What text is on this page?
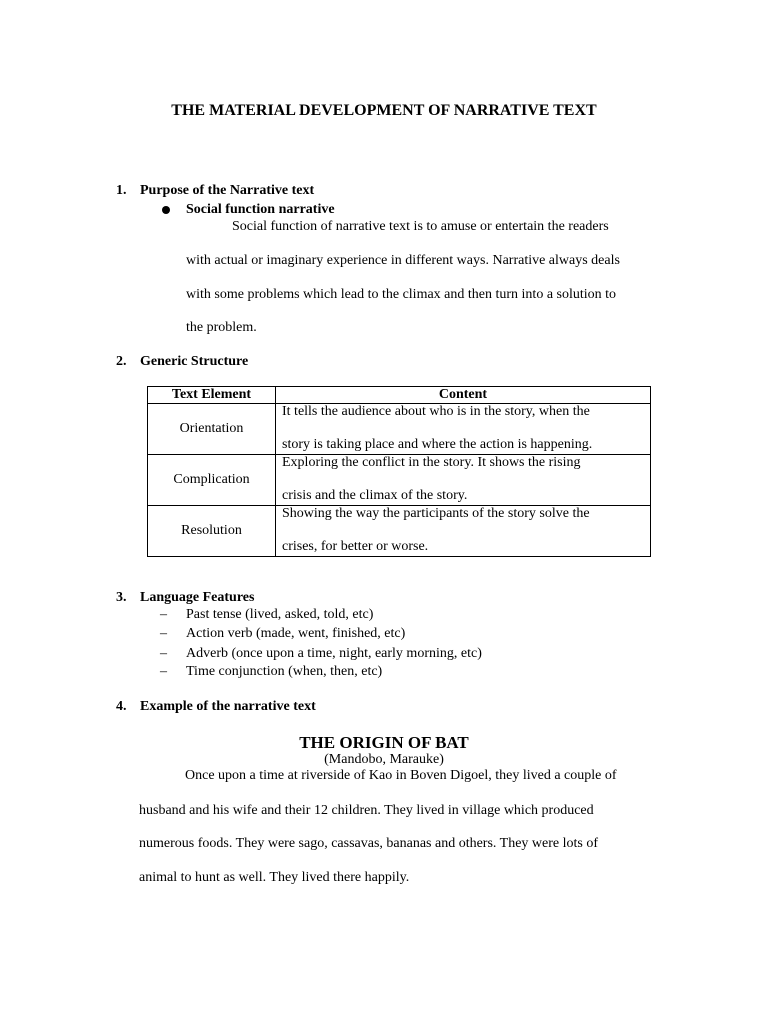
THE MATERIAL DEVELOPMENT OF NARRATIVE TEXT
1. Purpose of the Narrative text
Social function narrative
Social function of narrative text is to amuse or entertain the readers
with actual or imaginary experience in different ways. Narrative always deals
with some problems which lead to the climax and then turn into a solution to
the problem.
2. Generic Structure
Text Element	Content
Orientation	It tells the audience about who is in the story, when the
story is taking place and where the action is happening.

Complication	Exploring the conflict in the story. It shows the rising
crisis and the climax of the story.

Resolution	Showing the way the participants of the story solve the
crises, for better or worse.
3. Language Features
– Past tense (lived, asked, told, etc)
– Action verb (made, went, finished, etc)
– Adverb (once upon a time, night, early morning, etc)
– Time conjunction (when, then, etc)
4. Example of the narrative text
THE ORIGIN OF BAT
(Mandobo, Marauke)
Once upon a time at riverside of Kao in Boven Digoel, they lived a couple of
husband and his wife and their 12 children. They lived in village which produced
numerous foods. They were sago, cassavas, bananas and others. They were lots of
animal to hunt as well. They lived there happily.
